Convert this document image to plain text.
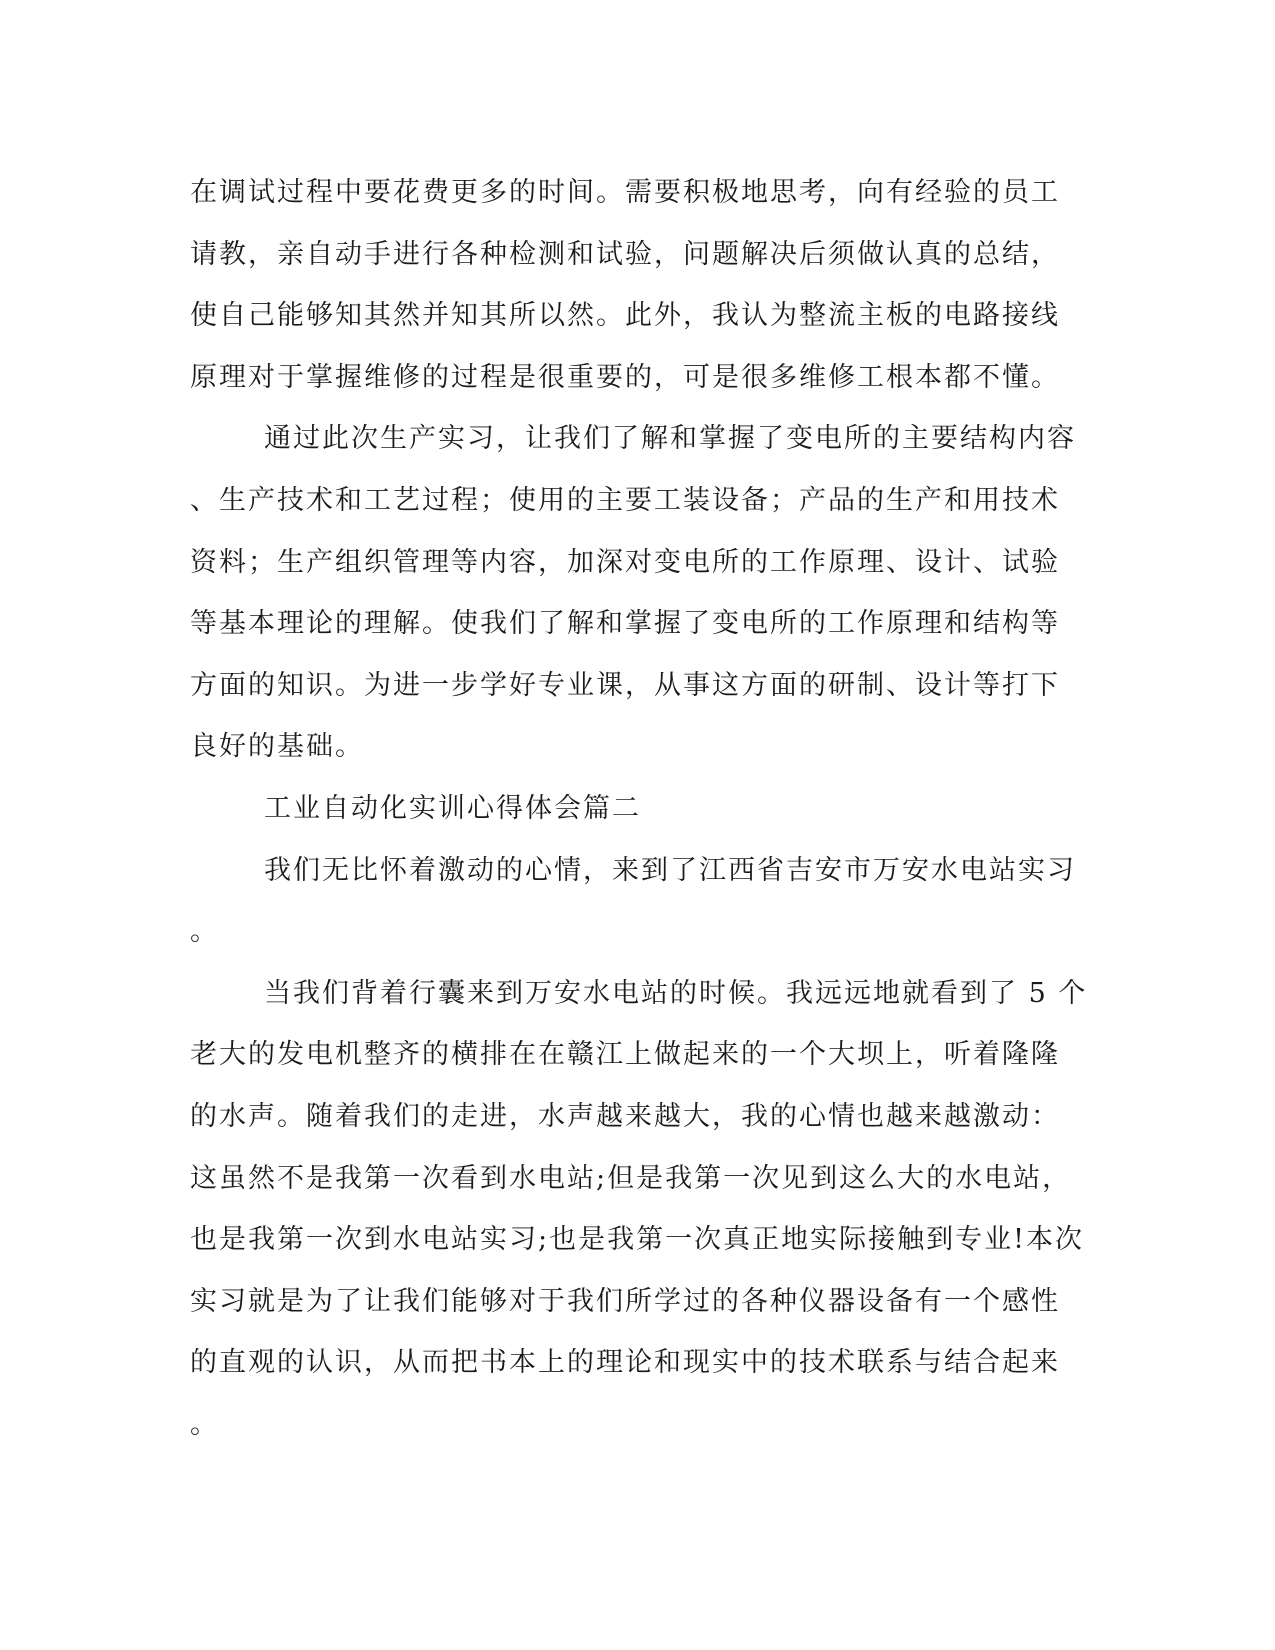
在调试过程中要花费更多的时间。需要积极地思考，向有经验的员工
请教，亲自动手进行各种检测和试验，问题解决后须做认真的总结，
使自己能够知其然并知其所以然。此外，我认为整流主板的电路接线
原理对于掌握维修的过程是很重要的，可是很多维修工根本都不懂。
通过此次生产实习，让我们了解和掌握了变电所的主要结构内容
、生产技术和工艺过程；使用的主要工装设备；产品的生产和用技术
资料；生产组织管理等内容，加深对变电所的工作原理、设计、试验
等基本理论的理解。使我们了解和掌握了变电所的工作原理和结构等
方面的知识。为进一步学好专业课，从事这方面的研制、设计等打下
良好的基础。
工业自动化实训心得体会篇二
我们无比怀着激动的心情，来到了江西省吉安市万安水电站实习
。
当我们背着行囊来到万安水电站的时候。我远远地就看到了 5 个
老大的发电机整齐的横排在在赣江上做起来的一个大坝上，听着隆隆
的水声。随着我们的走进，水声越来越大，我的心情也越来越激动：
这虽然不是我第一次看到水电站;但是我第一次见到这么大的水电站，
也是我第一次到水电站实习;也是我第一次真正地实际接触到专业!本次
实习就是为了让我们能够对于我们所学过的各种仪器设备有一个感性
的直观的认识，从而把书本上的理论和现实中的技术联系与结合起来
。
